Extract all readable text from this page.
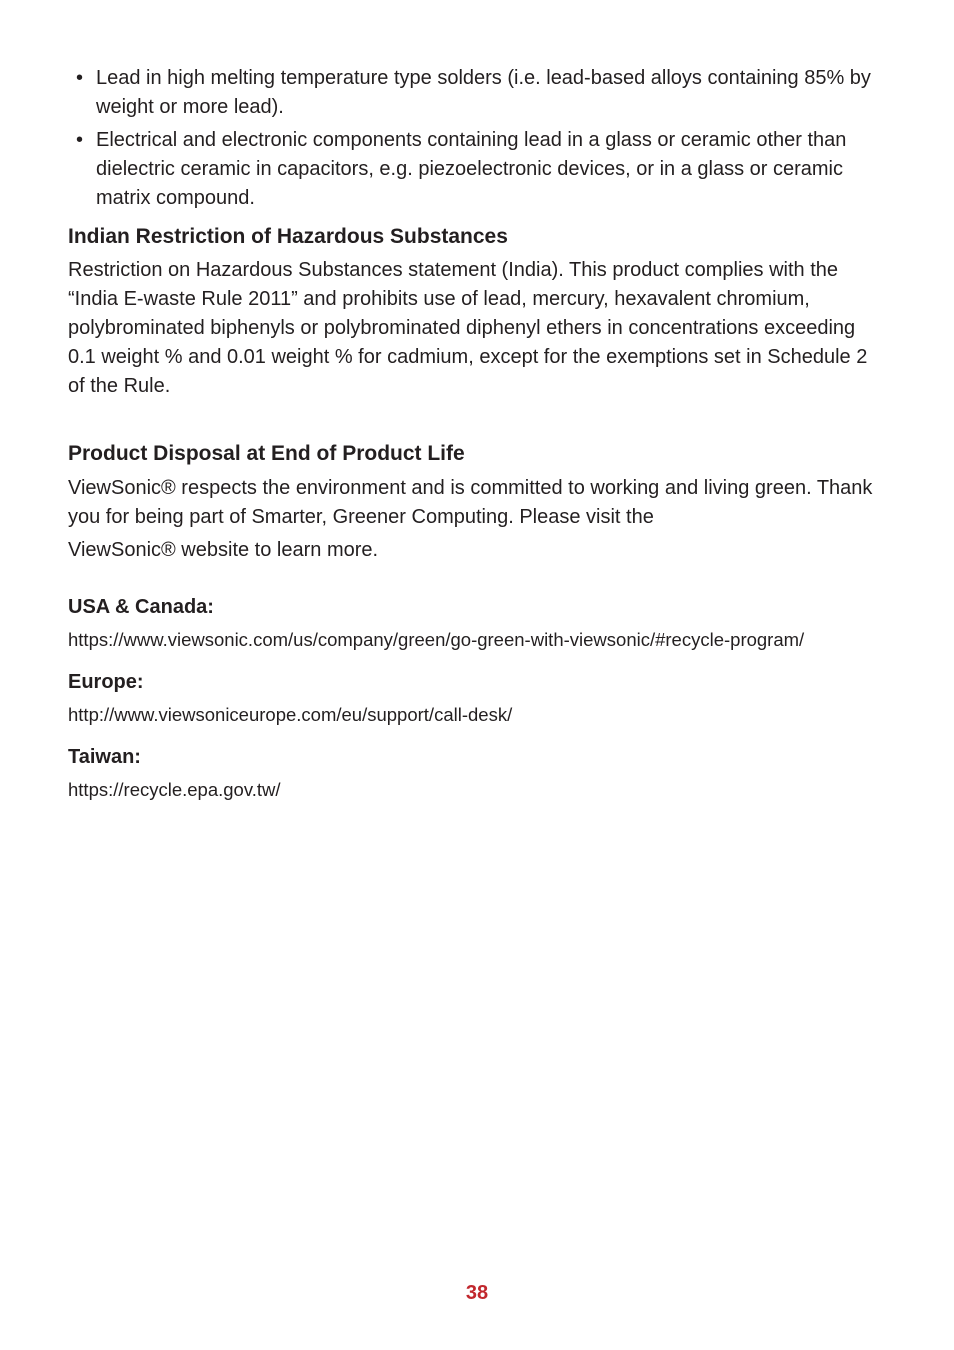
• Lead in high melting temperature type solders (i.e. lead-based alloys containing 85% by weight or more lead).
• Electrical and electronic components containing lead in a glass or ceramic other than dielectric ceramic in capacitors, e.g. piezoelectronic devices, or in a glass or ceramic matrix compound.
Indian Restriction of Hazardous Substances

Restriction on Hazardous Substances statement (India). This product complies with the “India E-waste Rule 2011” and prohibits use of lead, mercury, hexavalent chromium, polybrominated biphenyls or polybrominated diphenyl ethers in concentrations exceeding 0.1 weight % and 0.01 weight % for cadmium, except for the exemptions set in Schedule 2 of the Rule.

Product Disposal at End of Product Life

ViewSonic® respects the environment and is committed to working and living green. Thank you for being part of Smarter, Greener Computing. Please visit the
ViewSonic® website to learn more.

USA & Canada:
https://www.viewsonic.com/us/company/green/go-green-with-viewsonic/#recycle-program/
Europe:
http://www.viewsoniceurope.com/eu/support/call-desk/
Taiwan:
https://recycle.epa.gov.tw/
38
